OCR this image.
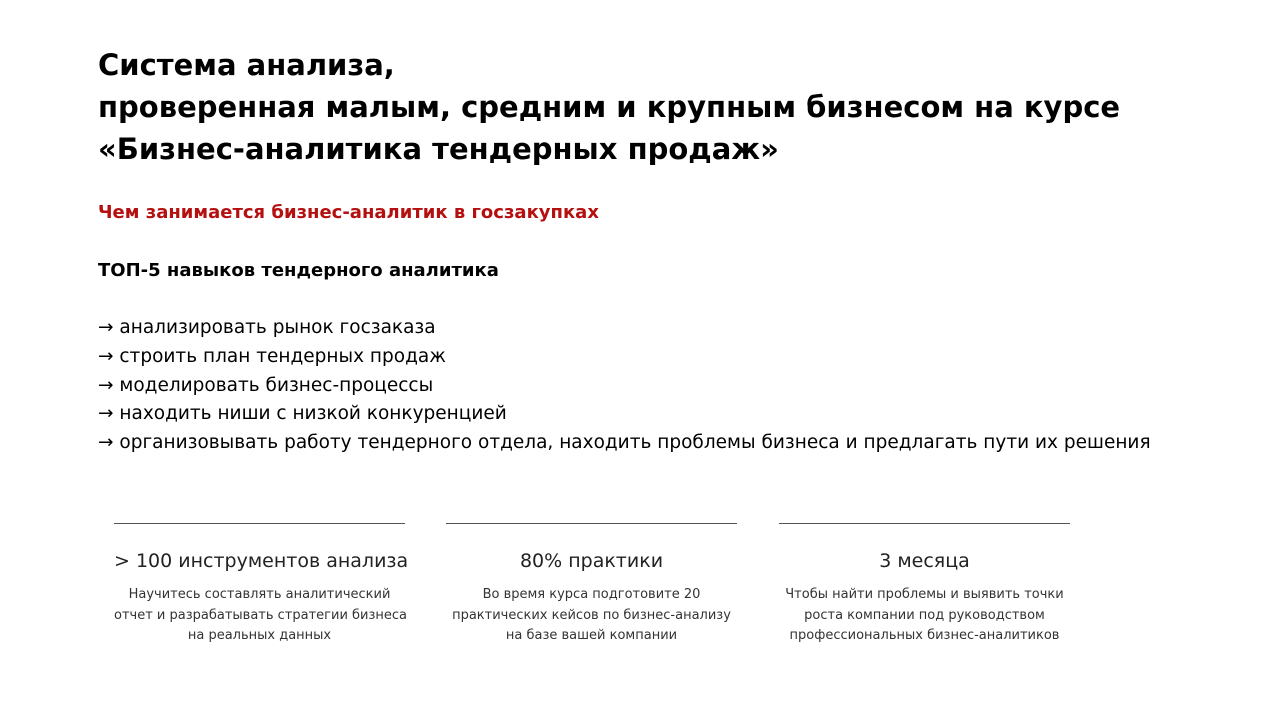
Система анализа,
проверенная малым, средним и крупным бизнесом на курсе
«Бизнес-аналитика тендерных продаж»
Чем занимается бизнес-аналитик в госзакупках
ТОП-5 навыков тендерного аналитика
→ анализировать рынок госзаказа
→ строить план тендерных продаж
→ моделировать бизнес-процессы
→ находить ниши с низкой конкуренцией
→ организовывать работу тендерного отдела, находить проблемы бизнеса и предлагать пути их решения
> 100 инструментов анализа
Научитесь составлять аналитический
отчет и разрабатывать стратегии бизнеса
на реальных данных
80% практики
Во время курса подготовите 20
практических кейсов по бизнес-анализу
на базе вашей компании
3 месяца
Чтобы найти проблемы и выявить точки
роста компании под руководством
профессиональных бизнес-аналитиков
